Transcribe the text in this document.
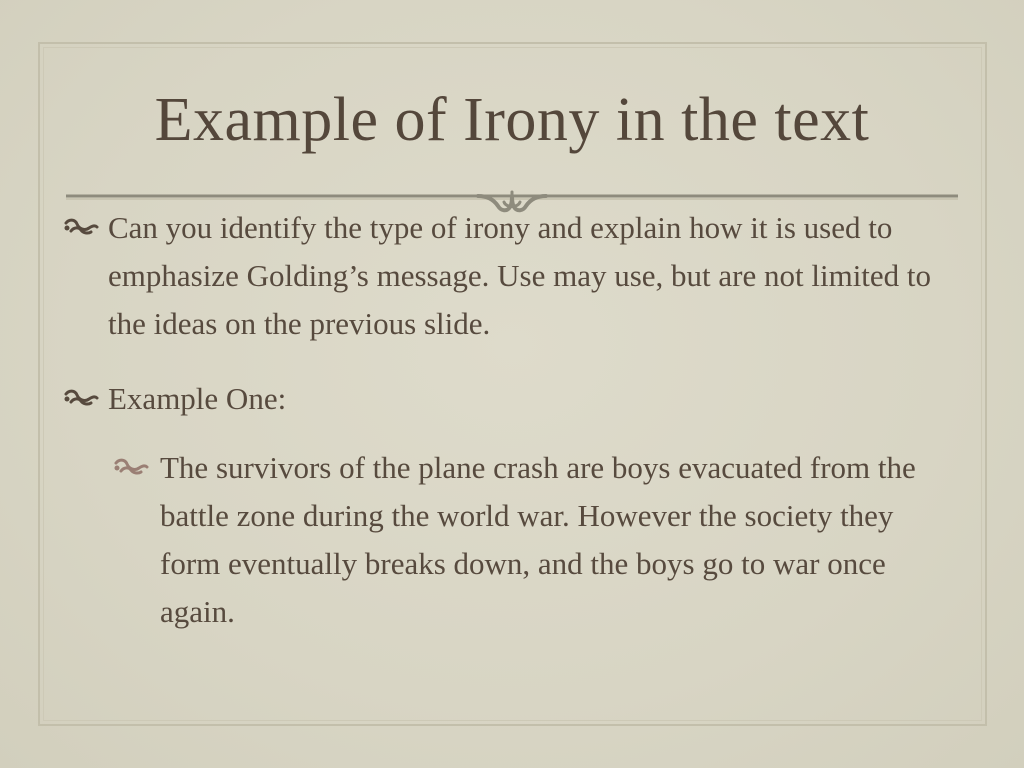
Example of Irony in the text
Can you identify the type of irony and explain how it is used to emphasize Golding’s message. Use may use, but are not limited to the ideas on the previous slide.
Example One:
The survivors of the plane crash are boys evacuated from the battle zone during the world war. However the society they form eventually breaks down, and the boys go to war once again.
